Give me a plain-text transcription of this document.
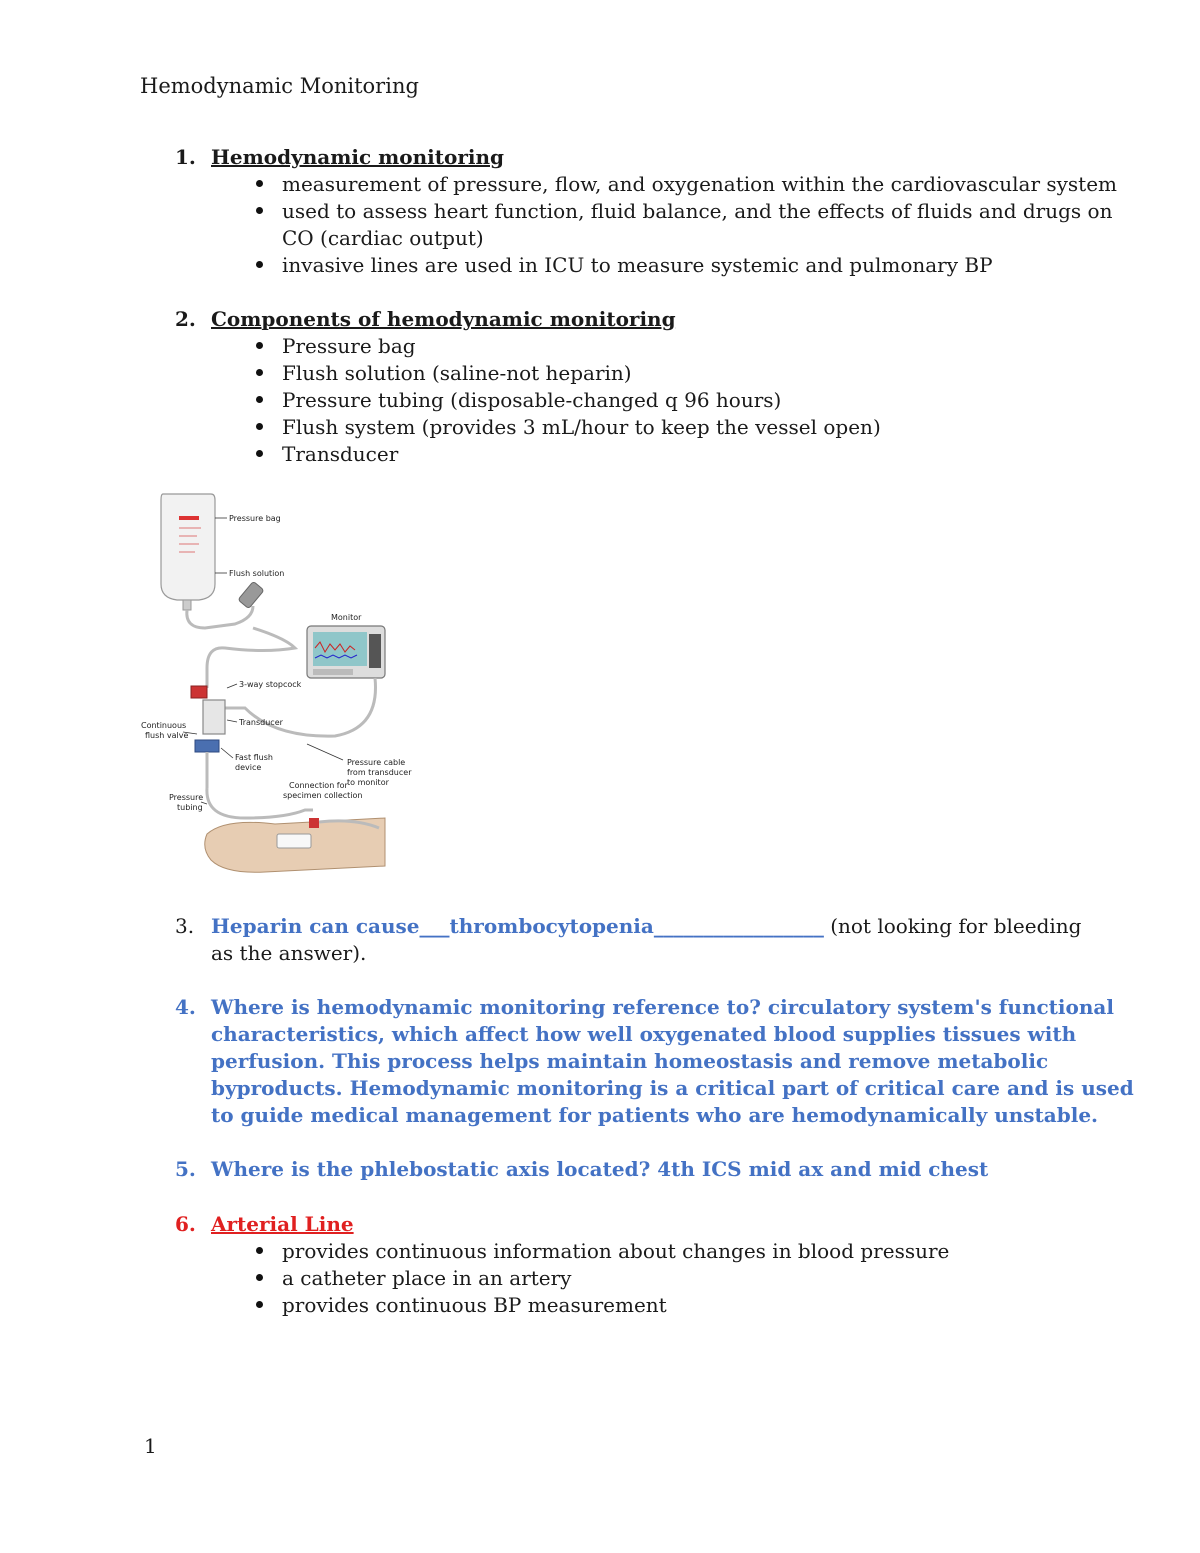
Hemodynamic Monitoring
1. Hemodynamic monitoring
measurement of pressure, flow, and oxygenation within the cardiovascular system
used to assess heart function, fluid balance, and the effects of fluids and drugs on
CO (cardiac output)
invasive lines are used in ICU to measure systemic and pulmonary BP
2. Components of hemodynamic monitoring
Pressure bag
Flush solution (saline-not heparin)
Pressure tubing (disposable-changed q 96 hours)
Flush system (provides 3 mL/hour to keep the vessel open)
Transducer
Pressure bag
Flush solution
Monitor
Pressure cable
from transducer
to monitor
3-way stopcock
Transducer
Continuous
flush valve
Fast flush
device
Connection for
specimen collection
Pressure
tubing
3. Heparin can cause___thrombocytopenia_________________ (not looking for bleeding
as the answer).
4. Where is hemodynamic monitoring reference to? circulatory system's functional
characteristics, which affect how well oxygenated blood supplies tissues with
perfusion. This process helps maintain homeostasis and remove metabolic
byproducts. Hemodynamic monitoring is a critical part of critical care and is used
to guide medical management for patients who are hemodynamically unstable.
5. Where is the phlebostatic axis located? 4th ICS mid ax and mid chest
6. Arterial Line
provides continuous information about changes in blood pressure
a catheter place in an artery
provides continuous BP measurement
1
